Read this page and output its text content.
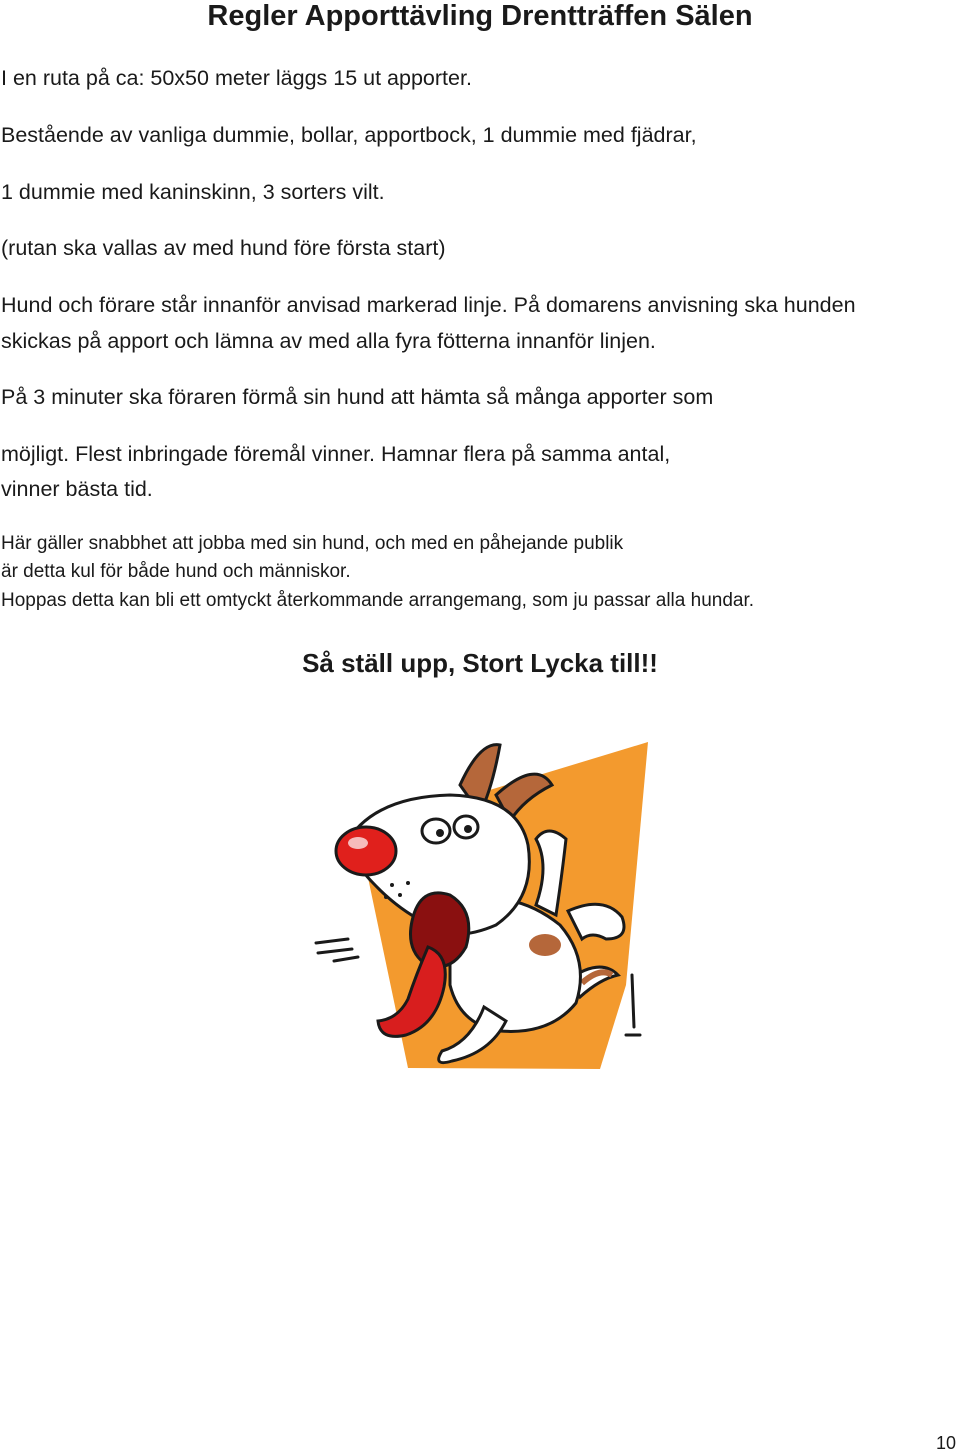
Regler Apporttävling Drentträffen Sälen
I en ruta på ca: 50x50 meter läggs 15 ut apporter.
Bestående av vanliga dummie, bollar, apportbock, 1 dummie med fjädrar,
1 dummie med kaninskinn, 3 sorters vilt.
(rutan ska vallas av med hund före första start)
Hund och förare står innanför anvisad markerad linje. På domarens anvisning ska hunden
skickas på apport och lämna av med alla fyra fötterna innanför linjen.
På 3 minuter ska föraren förmå sin hund att hämta så många apporter som
möjligt. Flest inbringade föremål vinner. Hamnar flera på samma antal,
vinner bästa tid.
Här gäller snabbhet att jobba med sin hund, och med en påhejande publik
är detta kul för både hund och människor.
Hoppas detta kan bli ett omtyckt återkommande arrangemang, som ju passar alla hundar.
Så ställ upp, Stort Lycka till!!
10
